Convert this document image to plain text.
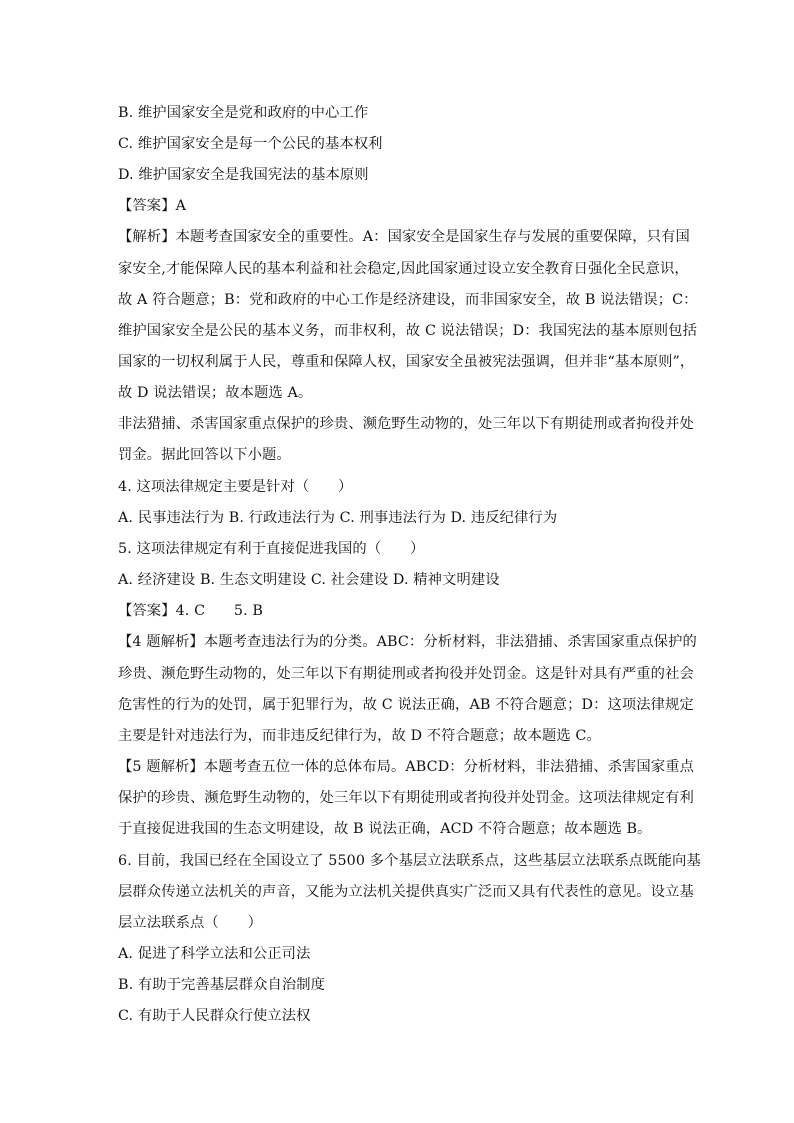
B. 维护国家安全是党和政府的中心工作
C. 维护国家安全是每一个公民的基本权利
D. 维护国家安全是我国宪法的基本原则
【答案】A
【解析】本题考查国家安全的重要性。A：国家安全是国家生存与发展的重要保障，只有国
家安全,才能保障人民的基本利益和社会稳定,因此国家通过设立安全教育日强化全民意识，
故 A 符合题意；B：党和政府的中心工作是经济建设，而非国家安全，故 B 说法错误；C：
维护国家安全是公民的基本义务，而非权利，故 C 说法错误；D：我国宪法的基本原则包括
国家的一切权利属于人民，尊重和保障人权，国家安全虽被宪法强调，但并非“基本原则”，
故 D 说法错误；故本题选 A。
非法猎捕、杀害国家重点保护的珍贵、濒危野生动物的，处三年以下有期徒刑或者拘役并处
罚金。据此回答以下小题。
4. 这项法律规定主要是针对（　　）
A. 民事违法行为 B. 行政违法行为 C. 刑事违法行为 D. 违反纪律行为
5. 这项法律规定有利于直接促进我国的（　　）
A. 经济建设 B. 生态文明建设 C. 社会建设 D. 精神文明建设
【答案】4. C　　5. B
【4 题解析】本题考查违法行为的分类。ABC：分析材料，非法猎捕、杀害国家重点保护的
珍贵、濒危野生动物的，处三年以下有期徒刑或者拘役并处罚金。这是针对具有严重的社会
危害性的行为的处罚，属于犯罪行为，故 C 说法正确，AB 不符合题意；D：这项法律规定
主要是针对违法行为，而非违反纪律行为，故 D 不符合题意；故本题选 C。
【5 题解析】本题考查五位一体的总体布局。ABCD：分析材料，非法猎捕、杀害国家重点
保护的珍贵、濒危野生动物的，处三年以下有期徒刑或者拘役并处罚金。这项法律规定有利
于直接促进我国的生态文明建设，故 B 说法正确，ACD 不符合题意；故本题选 B。
6. 目前，我国已经在全国设立了 5500 多个基层立法联系点，这些基层立法联系点既能向基
层群众传递立法机关的声音，又能为立法机关提供真实广泛而又具有代表性的意见。设立基
层立法联系点（　　）
A. 促进了科学立法和公正司法
B. 有助于完善基层群众自治制度
C. 有助于人民群众行使立法权
